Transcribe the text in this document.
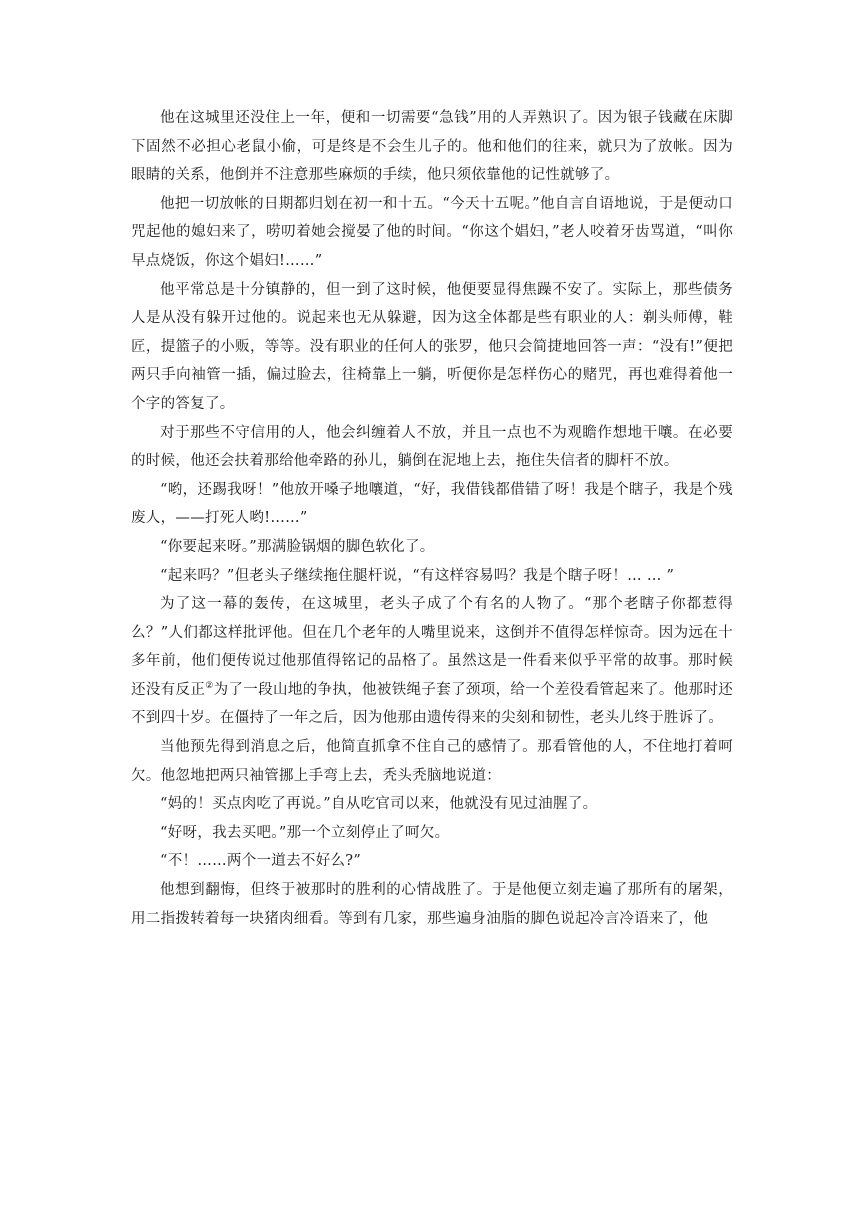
他在这城里还没住上一年，便和一切需要“急钱”用的人弄熟识了。因为银子钱藏在床脚下固然不必担心老鼠小偷，可是终是不会生儿子的。他和他们的往来，就只为了放帐。因为眼睛的关系，他倒并不注意那些麻烦的手续，他只须依靠他的记性就够了。

他把一切放帐的日期都归划在初一和十五。“今天十五呢。”他自言自语地说，于是便动口咒起他的媳妇来了，唠叨着她会搅晏了他的时间。“你这个娼妇，”老人咬着牙齿骂道，“叫你早点烧饭，你这个娼妇!……”

他平常总是十分镇静的，但一到了这时候，他便要显得焦躁不安了。实际上，那些债务人是从没有躲开过他的。说起来也无从躲避，因为这全体都是些有职业的人：剃头师傅，鞋匠，提篮子的小贩，等等。没有职业的任何人的张罗，他只会简捷地回答一声：“没有!”便把两只手向袖管一插，偏过脸去，往椅靠上一躺，听便你是怎样伤心的赌咒，再也难得着他一个字的答复了。

对于那些不守信用的人，他会纠缠着人不放，并且一点也不为观瞻作想地干嚷。在必要的时候，他还会扶着那给他牵路的孙儿，躺倒在泥地上去，拖住失信者的脚杆不放。

“哟，还踢我呀！”他放开嗓子地嚷道，“好，我借钱都借错了呀！我是个瞎子，我是个残废人，——打死人哟!……”

“你要起来呀。”那满脸锅烟的脚色软化了。

“起来吗？”但老头子继续拖住腿杆说，“有这样容易吗？我是个瞎子呀！… … ”

为了这一幕的轰传，在这城里，老头子成了个有名的人物了。“那个老瞎子你都惹得么？”人们都这样批评他。但在几个老年的人嘴里说来，这倒并不值得怎样惊奇。因为远在十多年前，他们便传说过他那值得铭记的品格了。虽然这是一件看来似乎平常的故事。那时候还没有反正②为了一段山地的争执，他被铁绳子套了颈项，给一个差役看管起来了。他那时还不到四十岁。在僵持了一年之后，因为他那由遗传得来的尖刻和韧性，老头儿终于胜诉了。

当他预先得到消息之后，他简直抓拿不住自己的感情了。那看管他的人，不住地打着呵欠。他忽地把两只袖管挪上手弯上去，秃头秃脑地说道：

“妈的！买点肉吃了再说。”自从吃官司以来，他就没有见过油腥了。

“好呀，我去买吧。”那一个立刻停止了呵欠。

“不！……两个一道去不好么?”

他想到翻悔，但终于被那时的胜利的心情战胜了。于是他便立刻走遍了那所有的屠架，用二指拨转着每一块猪肉细看。等到有几家，那些遍身油脂的脚色说起冷言冷语来了，他
